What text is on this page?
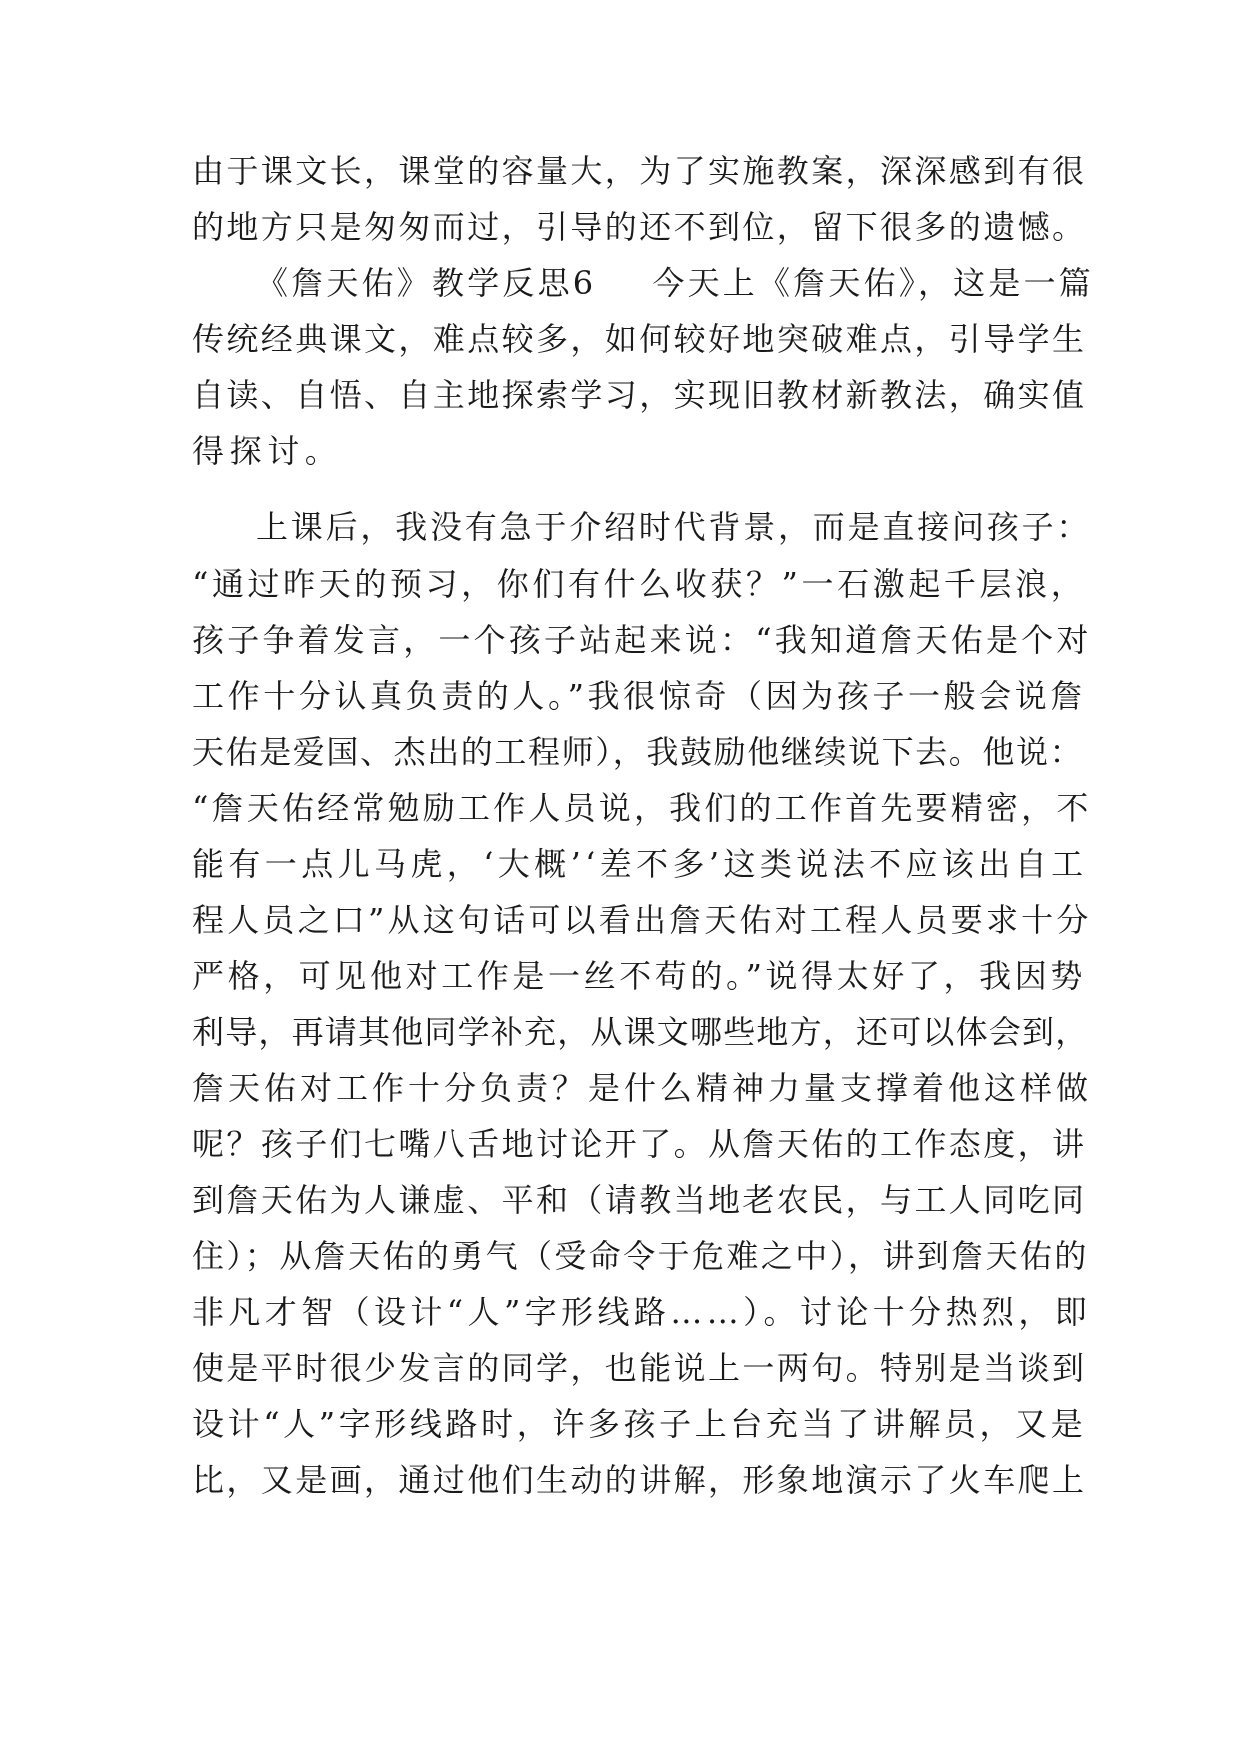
由于课文长，课堂的容量大，为了实施教案，深深感到有很
的地方只是匆匆而过，引导的还不到位，留下很多的遗憾。
《詹天佑》教学反思6 今天上《詹天佑》，这是一篇
传统经典课文，难点较多，如何较好地突破难点，引导学生
自读、自悟、自主地探索学习，实现旧教材新教法，确实值
得探讨。
上课后，我没有急于介绍时代背景，而是直接问孩子：
“通过昨天的预习，你们有什么收获？”一石激起千层浪，
孩子争着发言，一个孩子站起来说：“我知道詹天佑是个对
工作十分认真负责的人。”我很惊奇（因为孩子一般会说詹
天佑是爱国、杰出的工程师），我鼓励他继续说下去。他说：
“詹天佑经常勉励工作人员说，我们的工作首先要精密，不
能有一点儿马虎，‘大概’‘差不多’这类说法不应该出自工
程人员之口”从这句话可以看出詹天佑对工程人员要求十分
严格，可见他对工作是一丝不苟的。”说得太好了，我因势
利导，再请其他同学补充，从课文哪些地方，还可以体会到，
詹天佑对工作十分负责？是什么精神力量支撑着他这样做
呢？孩子们七嘴八舌地讨论开了。从詹天佑的工作态度，讲
到詹天佑为人谦虚、平和（请教当地老农民，与工人同吃同
住）；从詹天佑的勇气（受命令于危难之中），讲到詹天佑的
非凡才智（设计“人”字形线路……）。讨论十分热烈，即
使是平时很少发言的同学，也能说上一两句。特别是当谈到
设计“人”字形线路时，许多孩子上台充当了讲解员，又是
比，又是画，通过他们生动的讲解，形象地演示了火车爬上
